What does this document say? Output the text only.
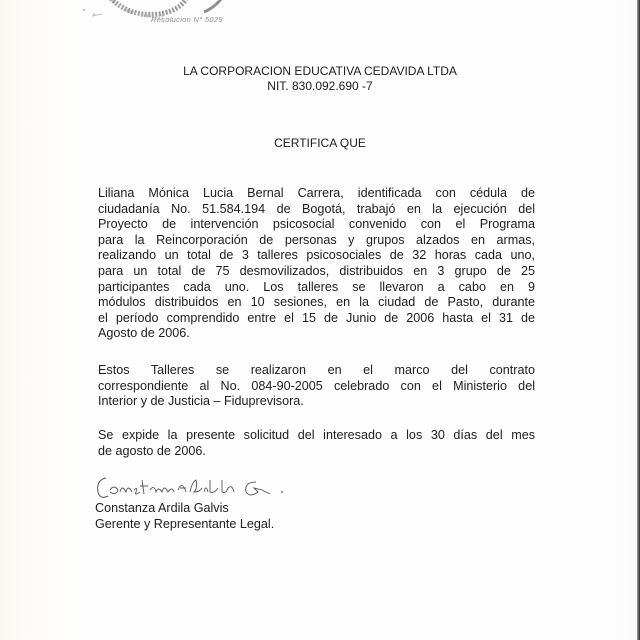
Resolucion N° 5029
LA CORPORACION EDUCATIVA CEDAVIDA LTDA
NIT. 830.092.690 -7
CERTIFICA QUE
Liliana Mónica Lucia Bernal Carrera, identificada con cédula de
ciudadanía No. 51.584.194 de Bogotá, trabajó en la ejecución del
Proyecto de intervención psicosocial convenido con el Programa
para la Reincorporación de personas y grupos alzados en armas,
realizando un total de 3 talleres psicosociales de 32 horas cada uno,
para un total de 75 desmovilizados, distribuidos en 3 grupo de 25
participantes cada uno. Los talleres se llevaron a cabo en 9
módulos distribuidos en 10 sesiones, en la ciudad de Pasto, durante
el período comprendido entre el 15 de Junio de 2006 hasta el 31 de
Agosto de 2006.
Estos Talleres se realizaron en el marco del contrato
correspondiente al No. 084-90-2005 celebrado con el Ministerio del
Interior y de Justicia – Fiduprevisora.
Se expide la presente solicitud del interesado a los 30 días del mes
de agosto de 2006.
Constanza Ardila Galvis
Gerente y Representante Legal.
